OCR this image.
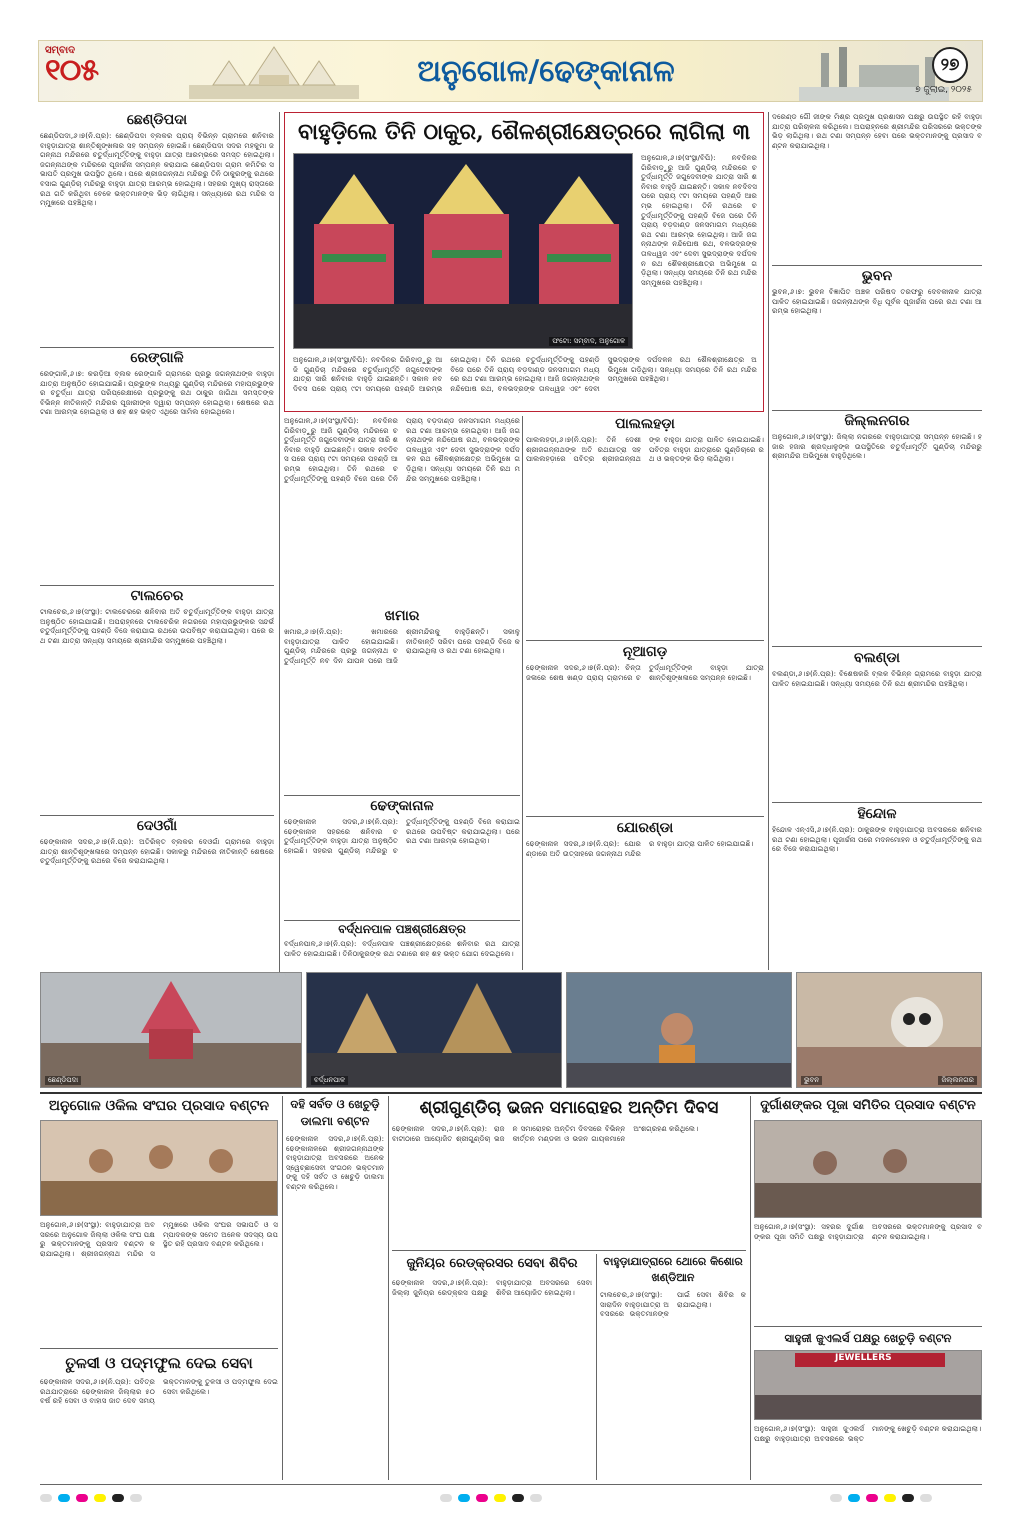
ସମ୍ବାଦ
୧୦୫	ଅନୁଗୋଳ/ଢେଙ୍କାନାଳ	୨୭
୭ ଜୁଲାଇ, ୨୦୨୫
ଛେଣ୍ଡିପଦା
ଛେଣ୍ଡିପଦା,୬।୭(ନି.ପ୍ର): ଛେଣ୍ଡିପଦା ବ୍ଲକର ପ୍ରାୟ ବିଭିନ୍ନ ଗ୍ରାମରେ ଶନିବାର ବାହୁଡ଼ାଯାତ୍ରା ଶାନ୍ତିଶୃଙ୍ଖଳାର ସହ ସମ୍ପନ୍ନ ହୋଇଛି। ଛେଣ୍ଡିପଦା ସଦର ମହକୁମା ଜଗନ୍ନାଥ ମନ୍ଦିରରେ ଚତୁର୍ଦ୍ଧାମୂର୍ତ୍ତିଙ୍କୁ ବାହୁଡ଼ା ଯାତ୍ରା ଆରମ୍ଭରେ ସମସ୍ତ ହୋଇଥିଲା। ଜଗନ୍ନାଥଙ୍କ ମନ୍ଦିରରେ ପୂଜାର୍ଚ୍ଚନା ସମ୍ପନ୍ନ କରାଯାଇ ଛେଣ୍ଡିପଦା ଗ୍ରାମ କମିଟିର ସଭାପତି ପ୍ରମୁଖ ଉପସ୍ଥିତ ଥିଲେ। ପରେ ଶ୍ରୀଜଗନ୍ନାଥ ମନ୍ଦିରରୁ ତିନି ଠାକୁରଙ୍କୁ ରଥରେ ବସାଇ ଗୁଣ୍ଡିଚା ମନ୍ଦିରରୁ ବାହୁଡ଼ା ଯାତ୍ରା ଆରମ୍ଭ ହୋଇଥିଲା। ସହରର ମୁଖ୍ୟ ରାସ୍ତାରେ ରଥ ଗତି କରିଥିବା ବେଳେ ଭକ୍ତମାନଙ୍କ ଭିଡ଼ ଲାଗିଥିଲା। ସନ୍ଧ୍ୟାରେ ରଥ ମନ୍ଦିର ସମ୍ମୁଖରେ ପହଞ୍ଚିଥିଲା।
ରେଙ୍ଗାଳି
ରେଙ୍ଗାଳି,୬।୭: କରଡ଼ିଆ ବ୍ଲକ ରେଙ୍ଗାଳି ଗ୍ରାମରେ ପ୍ରଭୁ ଜଗନ୍ନାଥଙ୍କ ବାହୁଡ଼ା ଯାତ୍ରା ଅନୁଷ୍ଠିତ ହୋଇଯାଇଛି। ପ୍ରଭୁଙ୍କ ମଧ୍ୟରୁ ଗୁଣ୍ଡିଚା ମନ୍ଦିରରେ ମହାପ୍ରଭୁଙ୍କର ଚତୁର୍ଦ୍ଧା ଯାତ୍ରା ପରିପ୍ରେକ୍ଷୀରେ ପ୍ରଭୁଙ୍କୁ ରଥ ଠାକୁର ଜାଗିଥା ସମସ୍ତଙ୍କ ବିଭିନ୍ନ ନୀତିକାନ୍ତି ମନ୍ଦିରର ପୂଜାରୀଙ୍କ ଦ୍ୱାରା ସମ୍ପନ୍ନ ହୋଇଥିଲା। ଶେଷରେ ରଥ ଟଣା ଆରମ୍ଭ ହୋଇଥିଲା ଓ ଶହ ଶହ ଭକ୍ତ ଏଥିରେ ସାମିଲ ହୋଇଥିଲେ।
ଟାଲଚେର
ଟାଲଚେର,୬।୭(ସଂସ୍ଥା): ଟାଲଚେରରେ ଶନିବାର ଅତି ଚତୁର୍ଦ୍ଧାମୂର୍ତ୍ତିଙ୍କ ବାହୁଡ଼ା ଯାତ୍ରା ଅନୁଷ୍ଠିତ ହୋଇଯାଇଛି। ଅପରାହ୍ନରେ ଟାଲଚେରିକ ନଗରରେ ମହାପ୍ରଭୁଙ୍କର ସନ୍ଦର୍ଭ ଚତୁର୍ଦ୍ଧାମୂର୍ତ୍ତିଙ୍କୁ ପହଣ୍ଡି ବିଜେ କରାଯାଇ ରଥରେ ଉପବିଷ୍ଟ କରାଯାଇଥିଲା। ପରେ ରଥ ଟଣା ଯାତ୍ରା ସନ୍ଧ୍ୟା ସମୟରେ ଶ୍ରୀମନ୍ଦିର ସମ୍ମୁଖରେ ପହଞ୍ଚିଥିଲା।
ଦେଓଗାଁ
ଢେଙ୍କାନାଳ ସଦର,୬।୭(ନି.ପ୍ର): ଅତିରିକ୍ତ ବ୍ଲକର ଦେଓଗାଁ ଗ୍ରାମରେ ବାହୁଡ଼ା ଯାତ୍ରା ଶାନ୍ତିଶୃଙ୍ଖଳାରେ ସମ୍ପନ୍ନ ହୋଇଛି। ସକାଳରୁ ମନ୍ଦିରରେ ନୀତିକାନ୍ତି ଶେଷରେ ଚତୁର୍ଦ୍ଧାମୂର୍ତ୍ତିଙ୍କୁ ରଥରେ ବିଜେ କରାଯାଇଥିଲା।
ବାହୁଡ଼ିଲେ ତିନି ଠାକୁର, ଶୈଳଶ୍ରୀକ୍ଷେତ୍ରରେ ଲାଗିଲା ୩
ଫଟୋ: ସମ୍ବାଦ, ଅନୁଗୋଳ
ଅନୁଗୋଳ,୬।୭(ସଂସ୍ଥା/ବିପି): ନବଦିନର ଗିରିବାଡ଼ୁରୁ ଆଜି ଗୁଣ୍ଡିଚା ମନ୍ଦିରରେ ଚତୁର୍ଦ୍ଧାମୂର୍ତ୍ତି ଜଗୁଦେବୀଙ୍କ ଯାତ୍ରା ସାରି ଶନିବାର ବାହୁଡ଼ି ଯାଇଛନ୍ତି। ସକାଳ ନବଦିବସ ପରେ ପ୍ରାୟ ୯ଟା ସମୟରେ ପହଣ୍ଡି ଆରମ୍ଭ ହୋଇଥିଲା। ତିନି ରଥରେ ଚତୁର୍ଦ୍ଧାମୂର୍ତ୍ତିଙ୍କୁ ପହଣ୍ଡି ବିଜେ ପରେ ତିନି ପ୍ରାୟ ବଡ଼ଦାଣ୍ଡ ଜନସମାଗମ ମଧ୍ୟରେ ରଥ ଟଣା ଆରମ୍ଭ ହୋଇଥିଲା। ଆଜି ଜଗନ୍ନାଥଙ୍କ ନନ୍ଦିଘୋଷ ରଥ, ବଳଭଦ୍ରଙ୍କ ତାଳଧ୍ୱଜ ଏବଂ ଦେବୀ ସୁଭଦ୍ରାଙ୍କ ଦର୍ପଦଳନ ରଥ ଶୈଳଶ୍ରୀକ୍ଷେତ୍ର ଅଭିମୁଖେ ଗଡ଼ିଥିଲା। ସନ୍ଧ୍ୟା ସମୟରେ ତିନି ରଥ ମନ୍ଦିର ସମ୍ମୁଖରେ ପହଞ୍ଚିଥିଲା।
ଅନୁଗୋଳ,୬।୭(ସଂସ୍ଥା/ବିପି): ନବଦିନର ଗିରିବାଡ଼ୁରୁ ଆଜି ଗୁଣ୍ଡିଚା ମନ୍ଦିରରେ ଚତୁର୍ଦ୍ଧାମୂର୍ତ୍ତି ଜଗୁଦେବୀଙ୍କ ଯାତ୍ରା ସାରି ଶନିବାର ବାହୁଡ଼ି ଯାଇଛନ୍ତି। ସକାଳ ନବଦିବସ ପରେ ପ୍ରାୟ ୯ଟା ସମୟରେ ପହଣ୍ଡି ଆରମ୍ଭ ହୋଇଥିଲା। ତିନି ରଥରେ ଚତୁର୍ଦ୍ଧାମୂର୍ତ୍ତିଙ୍କୁ ପହଣ୍ଡି ବିଜେ ପରେ ତିନି ପ୍ରାୟ ବଡ଼ଦାଣ୍ଡ ଜନସମାଗମ ମଧ୍ୟରେ ରଥ ଟଣା ଆରମ୍ଭ ହୋଇଥିଲା। ଆଜି ଜଗନ୍ନାଥଙ୍କ ନନ୍ଦିଘୋଷ ରଥ, ବଳଭଦ୍ରଙ୍କ ତାଳଧ୍ୱଜ ଏବଂ ଦେବୀ ସୁଭଦ୍ରାଙ୍କ ଦର୍ପଦଳନ ରଥ ଶୈଳଶ୍ରୀକ୍ଷେତ୍ର ଅଭିମୁଖେ ଗଡ଼ିଥିଲା। ସନ୍ଧ୍ୟା ସମୟରେ ତିନି ରଥ ମନ୍ଦିର ସମ୍ମୁଖରେ ପହଞ୍ଚିଥିଲା।
ଅନୁଗୋଳ,୬।୭(ସଂସ୍ଥା/ବିପି): ନବଦିନର ଗିରିବାଡ଼ୁରୁ ଆଜି ଗୁଣ୍ଡିଚା ମନ୍ଦିରରେ ଚତୁର୍ଦ୍ଧାମୂର୍ତ୍ତି ଜଗୁଦେବୀଙ୍କ ଯାତ୍ରା ସାରି ଶନିବାର ବାହୁଡ଼ି ଯାଇଛନ୍ତି। ସକାଳ ନବଦିବସ ପରେ ପ୍ରାୟ ୯ଟା ସମୟରେ ପହଣ୍ଡି ଆରମ୍ଭ ହୋଇଥିଲା। ତିନି ରଥରେ ଚତୁର୍ଦ୍ଧାମୂର୍ତ୍ତିଙ୍କୁ ପହଣ୍ଡି ବିଜେ ପରେ ତିନି ପ୍ରାୟ ବଡ଼ଦାଣ୍ଡ ଜନସମାଗମ ମଧ୍ୟରେ ରଥ ଟଣା ଆରମ୍ଭ ହୋଇଥିଲା। ଆଜି ଜଗନ୍ନାଥଙ୍କ ନନ୍ଦିଘୋଷ ରଥ, ବଳଭଦ୍ରଙ୍କ ତାଳଧ୍ୱଜ ଏବଂ ଦେବୀ ସୁଭଦ୍ରାଙ୍କ ଦର୍ପଦଳନ ରଥ ଶୈଳଶ୍ରୀକ୍ଷେତ୍ର ଅଭିମୁଖେ ଗଡ଼ିଥିଲା। ସନ୍ଧ୍ୟା ସମୟରେ ତିନି ରଥ ମନ୍ଦିର ସମ୍ମୁଖରେ ପହଞ୍ଚିଥିଲା।
ଖମାର
ଖମାର,୬।୭(ନି.ପ୍ର): ଖମାରରେ ବାହୁଡ଼ାଯାତ୍ରା ପାଳିତ ହୋଇଯାଇଛି। ଗୁଣ୍ଡିଚା ମନ୍ଦିରରେ ପ୍ରଭୁ ଜଗନ୍ନାଥ ଚତୁର୍ଦ୍ଧାମୂର୍ତ୍ତି ନବ ଦିନ ଯାପନ ପରେ ଆଜି ଶ୍ରୀମନ୍ଦିରକୁ ବାହୁଡ଼ିଛନ୍ତି। ସକାଳୁ ନୀତିକାନ୍ତି ସରିବା ପରେ ପହଣ୍ଡି ବିଜେ କରାଯାଇଥିଲା ଓ ରଥ ଟଣା ହୋଇଥିଲା।
ଢେଙ୍କାନାଳ
ଢେଙ୍କାନାଳ ସଦର,୬।୭(ନି.ପ୍ର): ଢେଙ୍କାନାଳ ସହରରେ ଶନିବାର ଚତୁର୍ଦ୍ଧାମୂର୍ତ୍ତିଙ୍କ ବାହୁଡ଼ା ଯାତ୍ରା ଅନୁଷ୍ଠିତ ହୋଇଛି। ସହରର ଗୁଣ୍ଡିଚା ମନ୍ଦିରରୁ ଚତୁର୍ଦ୍ଧାମୂର୍ତ୍ତିଙ୍କୁ ପହଣ୍ଡି ବିଜେ କରାଯାଇ ରଥରେ ଉପବିଷ୍ଟ କରାଯାଇଥିଲା। ପରେ ରଥ ଟଣା ଆରମ୍ଭ ହୋଇଥିଲା।
ବର୍ଦ୍ଧନପାଳ ପଞ୍ଚଶ୍ରୀକ୍ଷେତ୍ର
ବର୍ଦ୍ଧନପାଳ,୬।୭(ନି.ପ୍ର): ବର୍ଦ୍ଧନପାଳ ପଞ୍ଚଶ୍ରୀକ୍ଷେତ୍ରରେ ଶନିବାର ରଥ ଯାତ୍ରା ପାଳିତ ହୋଇଯାଇଛି। ତିନିଠାକୁରଙ୍କ ରଥ ଟଣାରେ ଶହ ଶହ ଭକ୍ତ ଯୋଗ ଦେଇଥିଲେ।
ପାଲଲହଡ଼ା
ପାଲଲହଡ଼ା,୬।୭(ନି.ପ୍ର): ତିନି ଦେଶୀ ଶ୍ରୀଜଗନ୍ନାଥଙ୍କ ଅତି ରଥଯାତ୍ରା ସହ ପାଲଲହଡ଼ାରେ ପବିତ୍ର ଶ୍ରୀଜଗନ୍ନାଥଙ୍କ ବାହୁଡ଼ା ଯାତ୍ରା ପାଳିତ ହୋଇଯାଇଛି। ପବିତ୍ର ବାହୁଡ଼ା ଯାତ୍ରାରେ ଗୁଣ୍ଡିଚାରେ ରଥ ଓ ଭକ୍ତଙ୍କ ଭିଡ଼ ଲାଗିଥିଲା।
ନୂଆଗଡ଼
ଢେଙ୍କାନାଳ ସଦର,୬।୭(ନି.ପ୍ର): ଚିନ୍ତା ଜଳାରେ ଶେଷ ଖଣ୍ଡ ପ୍ରାୟ ଗ୍ରାମରେ ଚତୁର୍ଦ୍ଧାମୂର୍ତ୍ତିଙ୍କ ବାହୁଡ଼ା ଯାତ୍ରା ଶାନ୍ତିଶୃଙ୍ଖଳାରେ ସମ୍ପନ୍ନ ହୋଇଛି।
ଯୋରଣ୍ଡା
ଢେଙ୍କାନାଳ ସଦର,୬।୭(ନି.ପ୍ର): ଯୋରଣ୍ଡାରେ ଅତି ଉତ୍ସାହରେ ଜଗନ୍ନାଥ ମନ୍ଦିରର ବାହୁଡ଼ା ଯାତ୍ରା ପାଳିତ ହୋଇଯାଇଛି।
ଦରେଣ୍ଡ ଗୌ ଜୀଙ୍କ ମିଶ୍ର ପ୍ରମୁଖ ପ୍ରଶାସନ ପକ୍ଷରୁ ଉପସ୍ଥିତ ରହି ବାହୁଡ଼ା ଯାତ୍ରା ପରିଚାଳନା କରିଥିଲେ। ଅପରାହ୍ନରେ ଶ୍ରୀମନ୍ଦିର ପରିସରରେ ଭକ୍ତଙ୍କ ଭିଡ଼ ଲାଗିଥିଲା। ରଥ ଟଣା ସମ୍ପନ୍ନ ହେବା ପରେ ଭକ୍ତମାନଙ୍କୁ ପ୍ରସାଦ ବଣ୍ଟନ କରାଯାଇଥିଲା।
ଭୁବନ
ଭୁବନ,୬।୭: ଭୁବନ ବିଜ୍ଞାପିତ ଅଞ୍ଚଳ ପରିଷଦ ତରଫରୁ ଦେବକୀନାଳ ଯାତ୍ରା ପାଳିତ ହୋଇଯାଇଛି। ଜଗନ୍ନାଥଙ୍କ ବିଧି ପୂର୍ବକ ପୂଜାର୍ଚ୍ଚନା ପରେ ରଥ ଟଣା ଆରମ୍ଭ ହୋଇଥିଲା।
ଜିଲ୍ଲନଗର
ଅନୁଗୋଳ,୬।୭(ସଂସ୍ଥା): ଜିଲ୍ଲା ନଗରରେ ବାହୁଡ଼ାଯାତ୍ରା ସମ୍ପନ୍ନ ହୋଇଛି। ହଜାର ହଜାର ଶ୍ରଦ୍ଧାଳୁଙ୍କ ଉପସ୍ଥିତିରେ ଚତୁର୍ଦ୍ଧାମୂର୍ତ୍ତି ଗୁଣ୍ଡିଚା ମନ୍ଦିରରୁ ଶ୍ରୀମନ୍ଦିର ଅଭିମୁଖେ ବାହୁଡ଼ିଥିଲେ।
ବଲଣ୍ଡା
ବଲଣ୍ଡା,୬।୭(ନି.ପ୍ର): ବିଶେଷକରି ବ୍ଲକ ବିଭିନ୍ନ ଗ୍ରାମରେ ବାହୁଡ଼ା ଯାତ୍ରା ପାଳିତ ହୋଇଯାଇଛି। ସନ୍ଧ୍ୟା ସମୟରେ ତିନି ରଥ ଶ୍ରୀମନ୍ଦିର ପହଞ୍ଚିଥିଲା।
ହିନ୍ଦୋଳ
ହିନ୍ଦୋଳ ଏନ୍‌ଏସି,୬।୭(ନି.ପ୍ର): ଠାକୁରଙ୍କ ବାହୁଡ଼ାଯାତ୍ରା ଅବସରରେ ଶନିବାର ରଥ ଟଣା ହୋଇଥିଲା। ପୂଜାର୍ଚ୍ଚନା ପରେ ମଦନମୋହନ ଓ ଚତୁର୍ଦ୍ଧାମୂର୍ତ୍ତିଙ୍କୁ ରଥରେ ବିଜେ କରାଯାଇଥିଲା।
ଛେଣ୍ଡିପଦା	ବର୍ଦ୍ଧନପାଳ	ଭୁବନ	ଜିଲ୍ଲନଗର
ଅନୁଗୋଳ ଓକିଲ ସଂଘର ପ୍ରସାଦ ବଣ୍ଟନ
ଅନୁଗୋଳ,୬।୭(ସଂସ୍ଥା): ବାହୁଡ଼ାଯାତ୍ରା ଅବସରରେ ଅନୁଗୋଳ ଜିଲ୍ଲା ଓକିଲ ସଂଘ ପକ୍ଷରୁ ଭକ୍ତମାନଙ୍କୁ ପ୍ରସାଦ ବଣ୍ଟନ କରାଯାଇଥିଲା। ଶ୍ରୀଜଗନ୍ନାଥ ମନ୍ଦିର ସମ୍ମୁଖରେ ଓକିଲ ସଂଘର ସଭାପତି ଓ ସମ୍ପାଦକଙ୍କ ସମେତ ଅନେକ ସଦସ୍ୟ ଉପସ୍ଥିତ ରହି ପ୍ରସାଦ ବଣ୍ଟନ କରିଥିଲେ।
ତୁଳସୀ ଓ ପଦ୍ମଫୁଲ ଦେଇ ସେବା
ଢେଙ୍କାନାଳ ସଦର,୬।୭(ନି.ପ୍ର): ପବିତ୍ର ରଥଯାତ୍ରାରେ ଢେଙ୍କାନାଳ ଜିଲ୍ଲାର ୫୦ ବର୍ଷ ରହି ସେବା ଓ ବାହାସ ଜାତ ଦେବ ସମୟ ଭକ୍ତମାନଙ୍କୁ ତୁଳସୀ ଓ ପଦ୍ମଫୁଲ ଦେଇ ସେବା କରିଥିଲେ।
ଦହି ସର୍ବତ ଓ ଖେଚୁଡ଼ି ଡାଲମା ବଣ୍ଟନ
ଢେଙ୍କାନାଳ ସଦର,୬।୭(ନି.ପ୍ର): ଢେଙ୍କାନାଳରେ ଶ୍ରୀଜଗନ୍ନାଥଙ୍କ ବାହୁଡ଼ାଯାତ୍ରା ଅବସରରେ ଅନେକ ସ୍ୱେଚ୍ଛାସେବୀ ସଂଗଠନ ଭକ୍ତମାନଙ୍କୁ ଦହି ସର୍ବତ ଓ ଖେଚୁଡ଼ି ଡାଲମା ବଣ୍ଟନ କରିଥିଲେ।
ଶ୍ରୀଗୁଣ୍ଡିଚା ଭଜନ ସମାରୋହର ଅନ୍ତିମ ଦିବସ
ଢେଙ୍କାନାଳ ସଦର,୬।୭(ନି.ପ୍ର): ରାଜବାଟୀଠାରେ ଆୟୋଜିତ ଶ୍ରୀଗୁଣ୍ଡିଚା ଭଜନ ସମାରୋହର ଅନ୍ତିମ ଦିବସରେ ବିଭିନ୍ନ କୀର୍ତ୍ତନ ମଣ୍ଡଳୀ ଓ ଭଜନ ଗାୟକମାନେ ଅଂଶଗ୍ରହଣ କରିଥିଲେ।
ଜୁନିୟର ରେଡ୍‌କ୍ରସର ସେବା ଶିବିର
ଢେଙ୍କାନାଳ ସଦର,୬।୭(ନି.ପ୍ର): ଜିଲ୍ଲା ଜୁନିୟର ରେଡ୍‌କ୍ରସ ପକ୍ଷରୁ ବାହୁଡ଼ାଯାତ୍ରା ଅବସରରେ ସେବା ଶିବିର ଆୟୋଜିତ ହୋଇଥିଲା।
ବାହୁଡ଼ାଯାତ୍ରାରେ ଥୋରେ କିଶୋର ଖଣ୍ଡିଆନ
ଟାଲଚେର,୬।୭(ସଂସ୍ଥା): ସାରାଦିନ ବାହୁଡ଼ାଯାତ୍ରା ଅବସରରେ ଭକ୍ତମାନଙ୍କ ପାଇଁ ସେବା ଶିବିର କରାଯାଇଥିଲା।
ଦୁର୍ଗାଶଙ୍କର ପୂଜା ସମିତିର ପ୍ରସାଦ ବଣ୍ଟନ
ଅନୁଗୋଳ,୬।୭(ସଂସ୍ଥା): ସହରର ଦୁର୍ଗାଶଙ୍କର ପୂଜା ସମିତି ପକ୍ଷରୁ ବାହୁଡ଼ାଯାତ୍ରା ଅବସରରେ ଭକ୍ତମାନଙ୍କୁ ପ୍ରସାଦ ବଣ୍ଟନ କରାଯାଇଥିଲା।
ସାହୁଜୀ ଜୁଏଲର୍ସ ପକ୍ଷରୁ ଖେଚୁଡ଼ି ବଣ୍ଟନ
JEWELLERS
ଅନୁଗୋଳ,୬।୭(ସଂସ୍ଥା): ସାହୁଜୀ ଜୁଏଲର୍ସ ପକ୍ଷରୁ ବାହୁଡ଼ାଯାତ୍ରା ଅବସରରେ ଭକ୍ତମାନଙ୍କୁ ଖେଚୁଡ଼ି ବଣ୍ଟନ କରାଯାଇଥିଲା।
